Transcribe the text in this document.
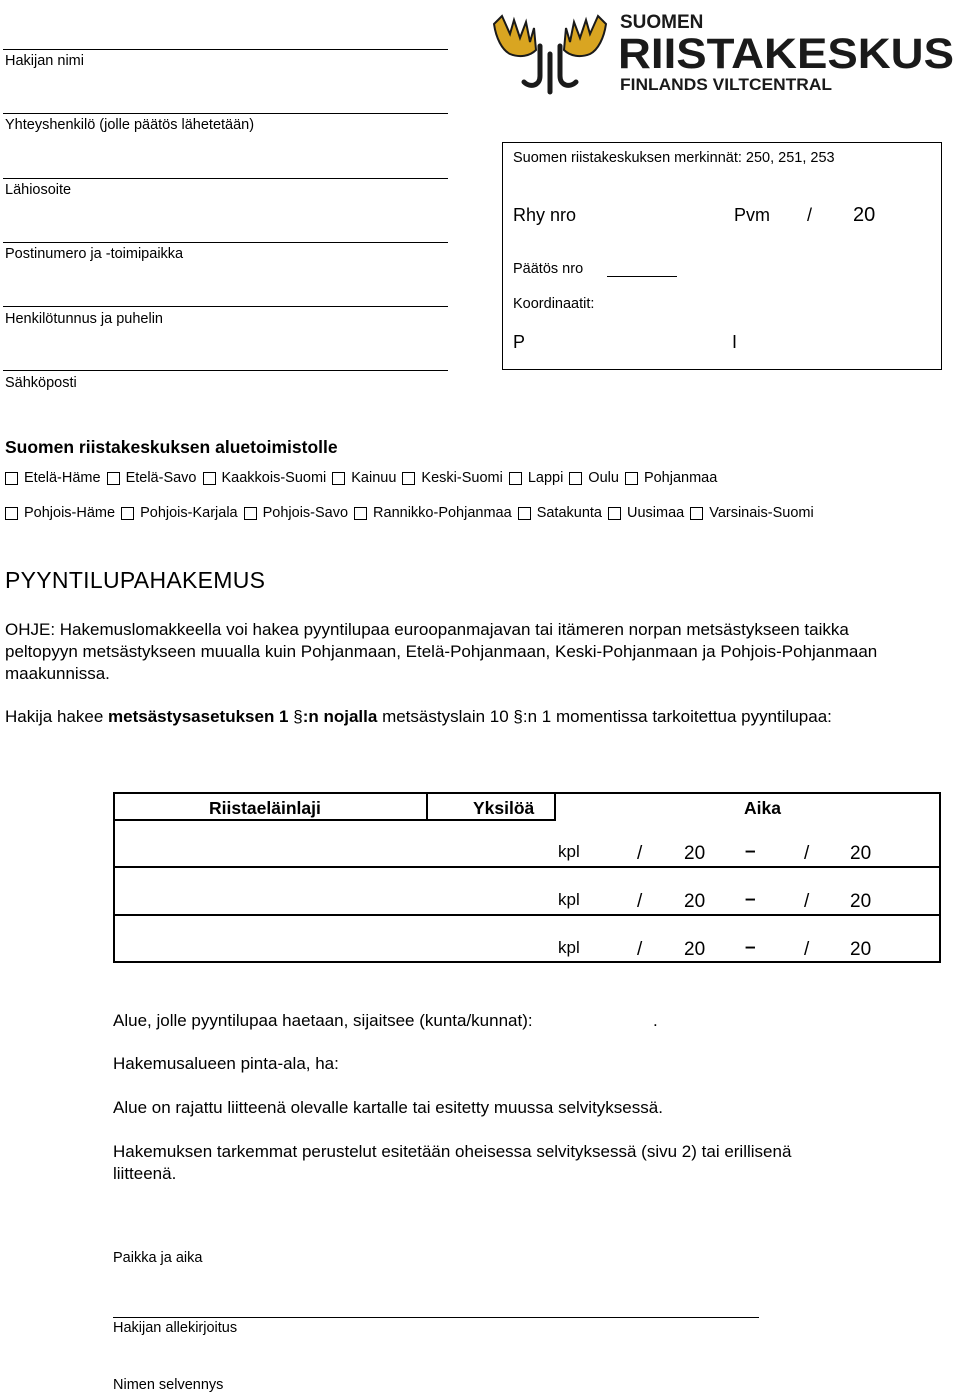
Hakijan nimi
Yhteyshenkilö (jolle päätös lähetetään)
Lähiosoite
Postinumero ja -toimipaikka
Henkilötunnus ja puhelin
Sähköposti
SUOMEN
RIISTAKESKUS
FINLANDS VILTCENTRAL
Suomen riistakeskuksen merkinnät: 250, 251, 253
Rhy nro	Pvm / 20
Päätös nro
Koordinaatit:
P	I
Suomen riistakeskuksen aluetoimistolle
Etelä-Häme Etelä-Savo Kaakkois-Suomi Kainuu Keski-Suomi Lappi Oulu Pohjanmaa
Pohjois-Häme Pohjois-Karjala Pohjois-Savo Rannikko-Pohjanmaa Satakunta Uusimaa Varsinais-Suomi
PYYNTILUPAHAKEMUS
OHJE: Hakemuslomakkeella voi hakea pyyntilupaa euroopanmajavan tai itämeren norpan metsästykseen taikka peltopyyn metsästykseen muualla kuin Pohjanmaan, Etelä-Pohjanmaan, Keski-Pohjanmaan ja Pohjois-Pohjanmaan maakunnissa.
Hakija hakee metsästysasetuksen 1 §:n nojalla metsästyslain 10 §:n 1 momentissa tarkoitettua pyyntilupaa:
Riistaeläinlaji	Yksilöä	Aika
kpl	/ 20 –	/ 20
kpl	/ 20 –	/ 20
kpl	/ 20 –	/ 20
Alue, jolle pyyntilupaa haetaan, sijaitsee (kunta/kunnat):	.
Hakemusalueen pinta-ala, ha:
Alue on rajattu liitteenä olevalle kartalle tai esitetty muussa selvityksessä.
Hakemuksen tarkemmat perustelut esitetään oheisessa selvityksessä (sivu 2) tai erillisenä liitteenä.
Paikka ja aika
Hakijan allekirjoitus
Nimen selvennys
